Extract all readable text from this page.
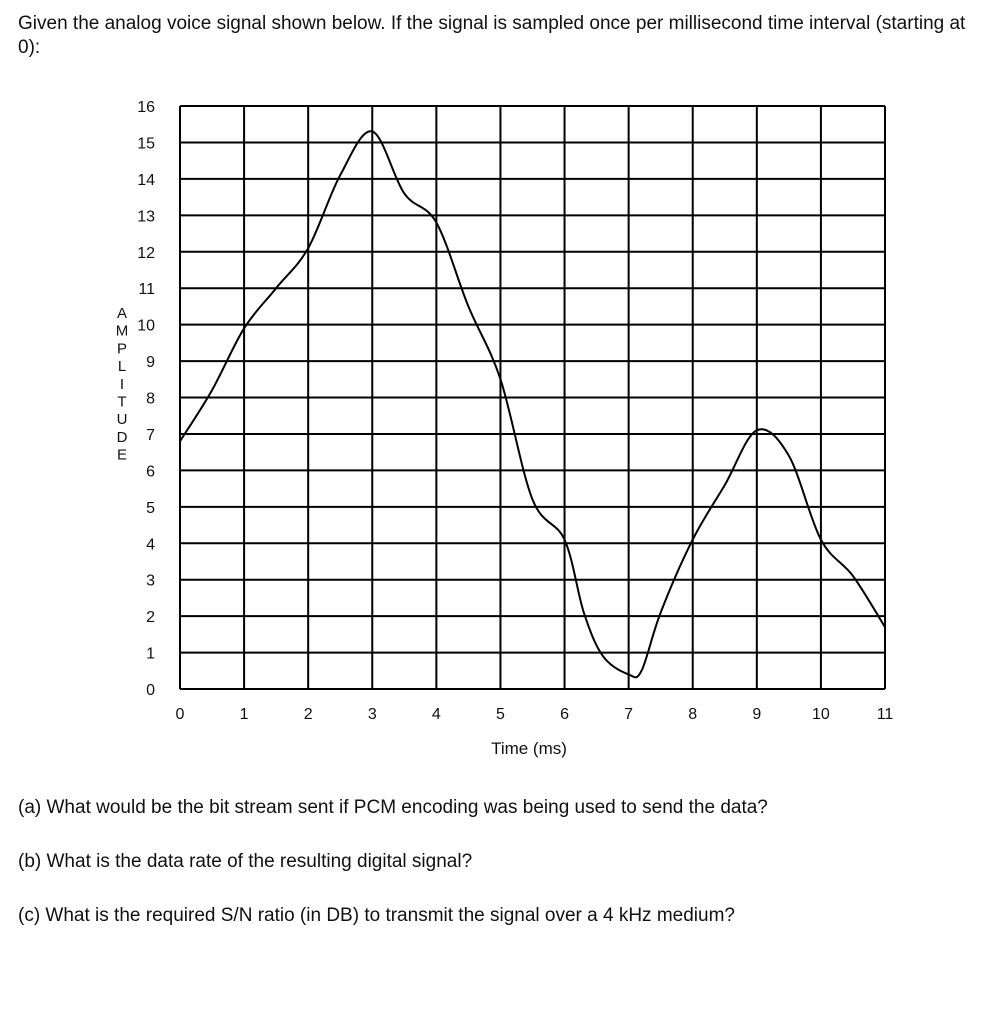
Given the analog voice signal shown below. If the signal is sampled once per millisecond time interval (starting at 0):

0
1
2
3
4
5
6
7
8
9
10
11
12
13
14
15
16
0	1	2	3	4	5	6	7	8	9	10	11
A
M
P
L
I
T
U
D
E
Time (ms)

(a) What would be the bit stream sent if PCM encoding was being used to send the data?

(b) What is the data rate of the resulting digital signal?

(c) What is the required S/N ratio (in DB) to transmit the signal over a 4 kHz medium?
